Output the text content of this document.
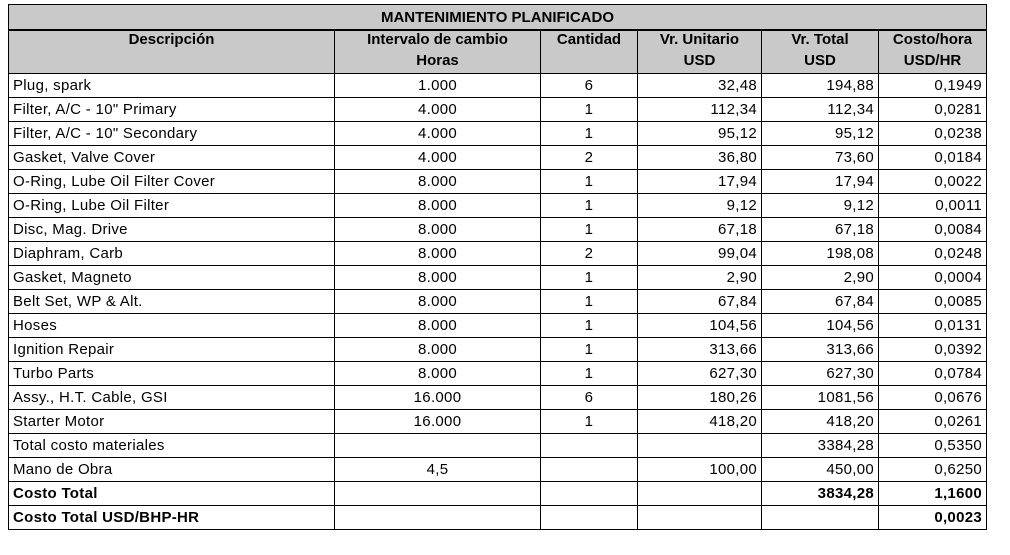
MANTENIMIENTO PLANIFICADO					
Descripción	Intervalo de cambio	Cantidad	Vr. Unitario	Vr. Total	Costo/hora
	Horas		USD	USD	USD/HR
Plug, spark	1.000	6	32,48	194,88	0,1949
Filter, A/C - 10" Primary	4.000	1	112,34	112,34	0,0281
Filter, A/C - 10" Secondary	4.000	1	95,12	95,12	0,0238
Gasket, Valve Cover	4.000	2	36,80	73,60	0,0184
O-Ring, Lube Oil Filter Cover	8.000	1	17,94	17,94	0,0022
O-Ring, Lube Oil Filter	8.000	1	9,12	9,12	0,0011
Disc, Mag. Drive	8.000	1	67,18	67,18	0,0084
Diaphram, Carb	8.000	2	99,04	198,08	0,0248
Gasket, Magneto	8.000	1	2,90	2,90	0,0004
Belt Set, WP & Alt.	8.000	1	67,84	67,84	0,0085
Hoses	8.000	1	104,56	104,56	0,0131
Ignition Repair	8.000	1	313,66	313,66	0,0392
Turbo Parts	8.000	1	627,30	627,30	0,0784
Assy., H.T. Cable, GSI	16.000	6	180,26	1081,56	0,0676
Starter Motor	16.000	1	418,20	418,20	0,0261
Total costo materiales				3384,28	0,5350
Mano de Obra	4,5		100,00	450,00	0,6250
Costo Total				3834,28	1,1600
Costo Total USD/BHP-HR					0,0023
